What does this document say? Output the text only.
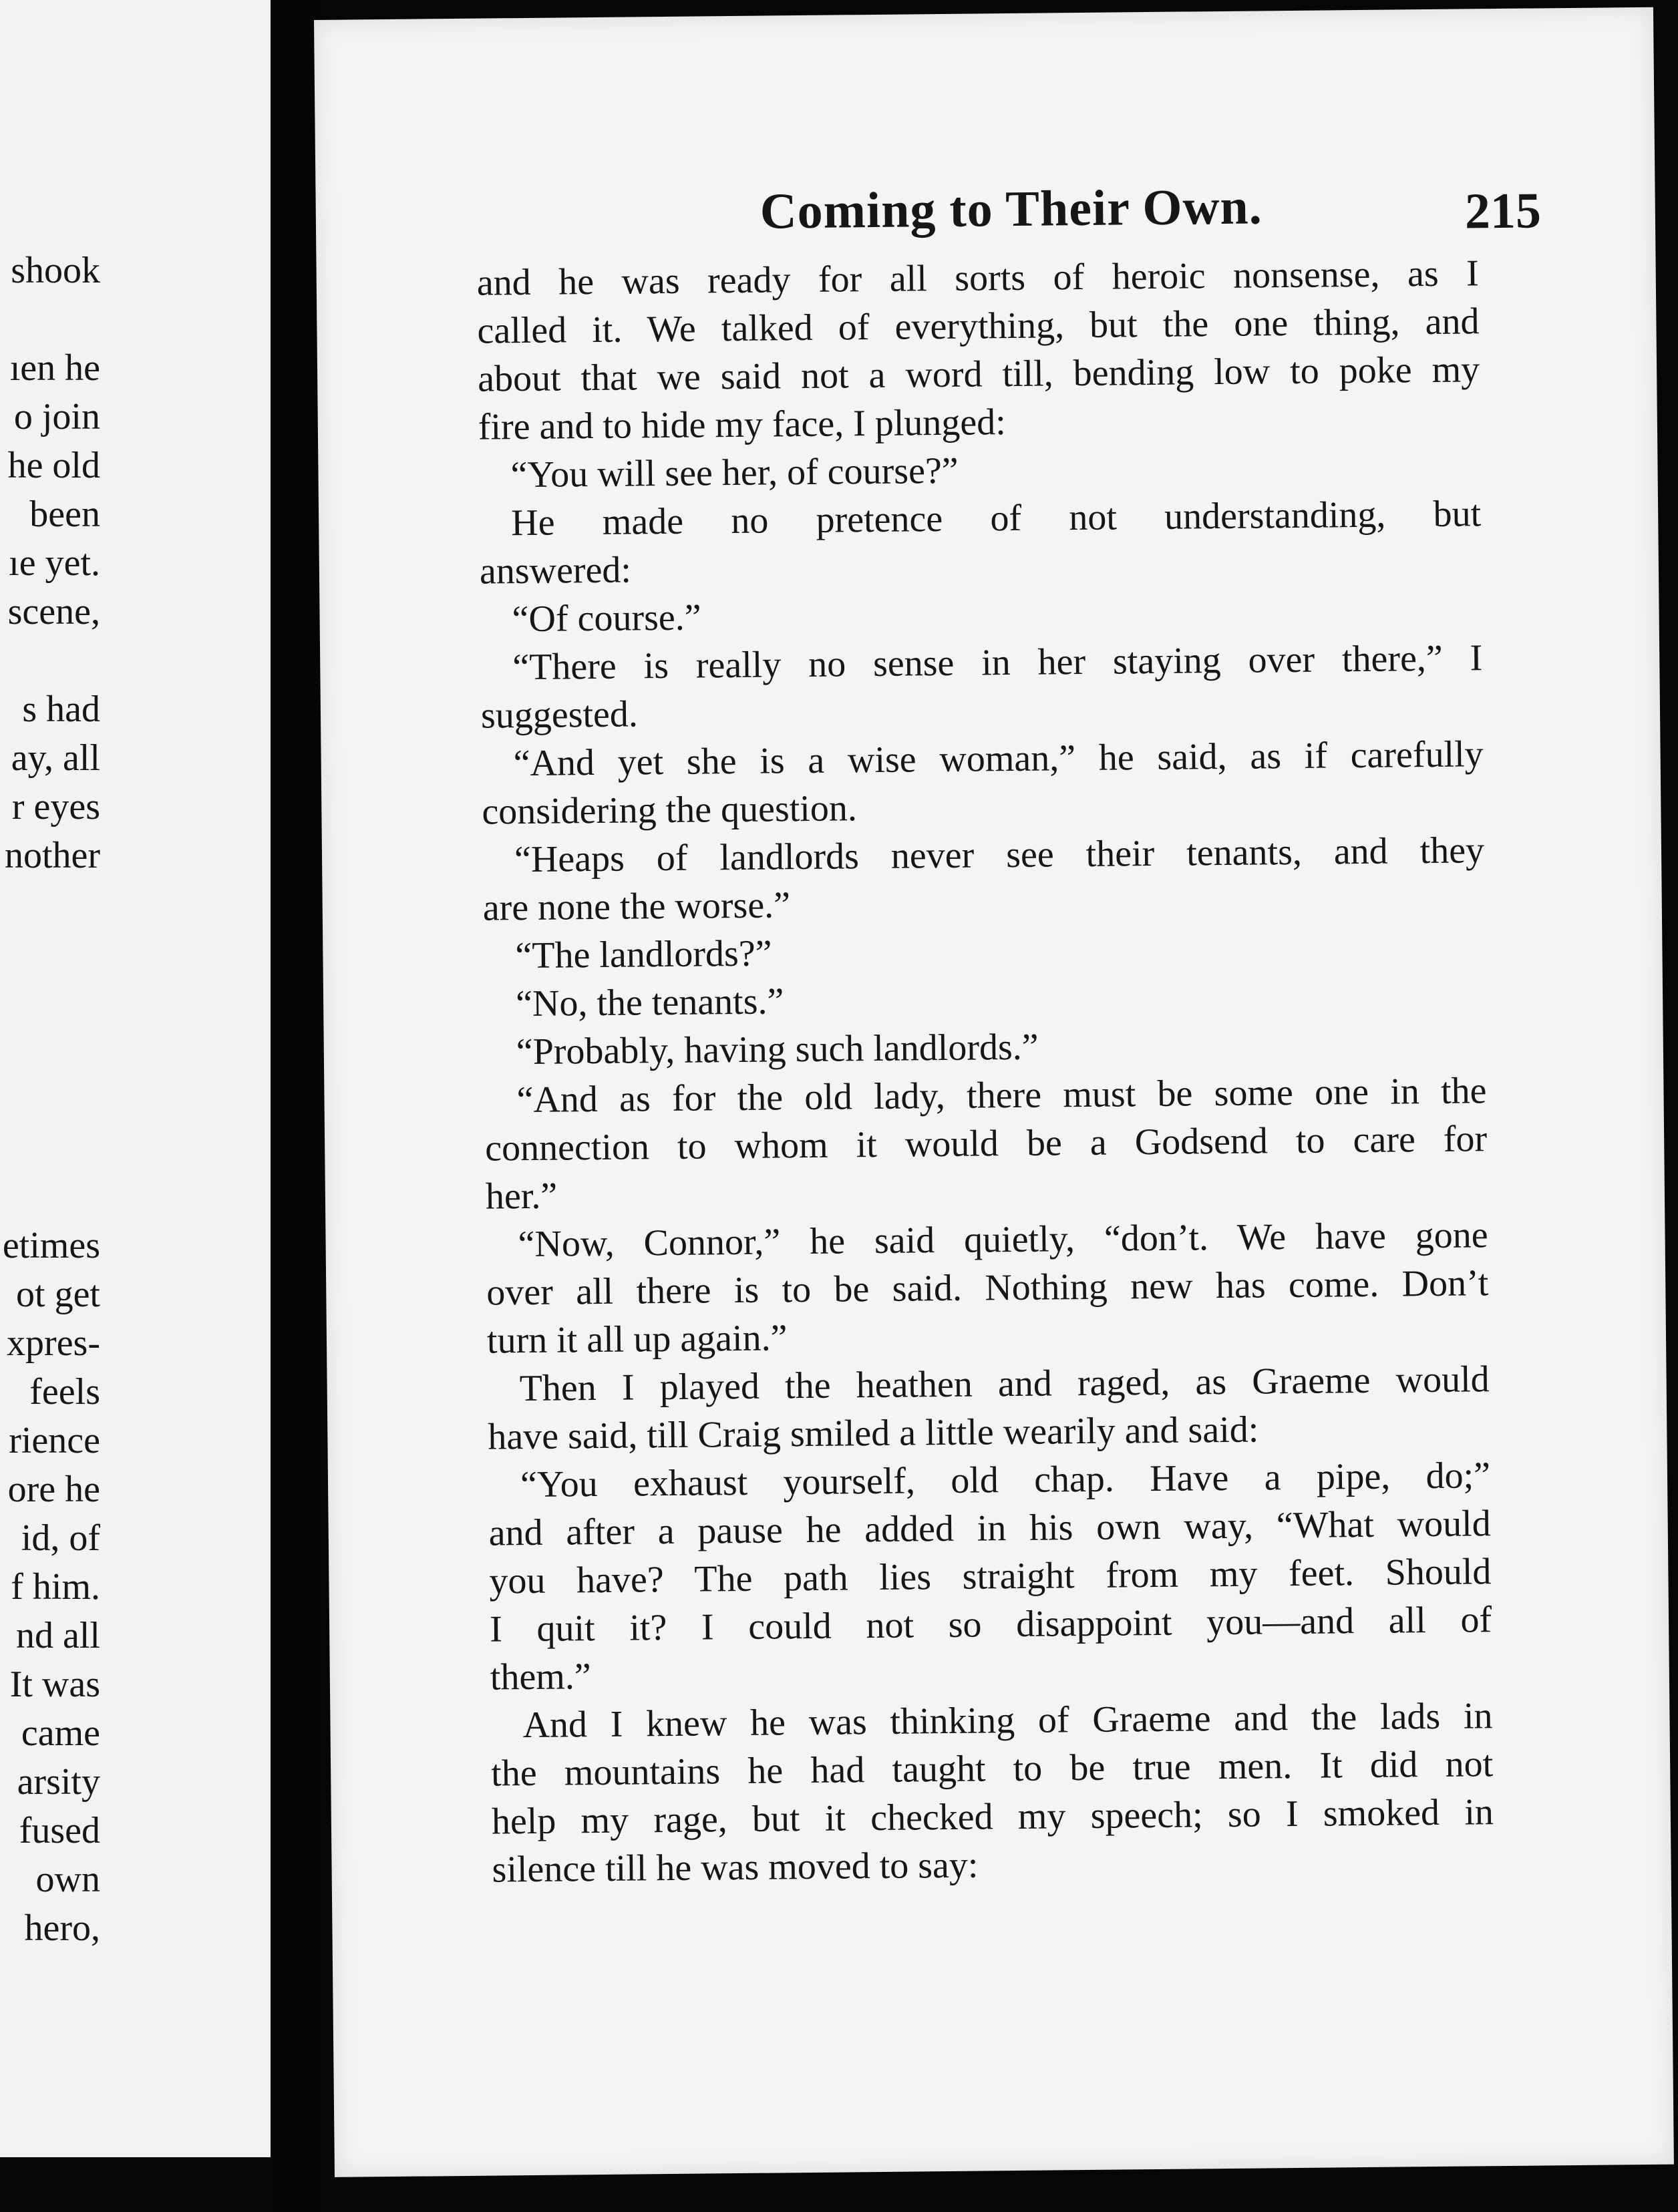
shook
ıen he
o join
he old
been
ıe yet.
scene,
s had
ay, all
r eyes
nother
etimes
ot get
xpres-
feels
rience
ore he
id, of
f him.
nd all
It was
came
arsity
fused
own
hero,
Coming to Their Own.	215
and he was ready for all sorts of heroic nonsense, as I
called it. We talked of everything, but the one thing, and
about that we said not a word till, bending low to poke my
fire and to hide my face, I plunged:
“You will see her, of course?”
He made no pretence of not understanding, but
answered:
“Of course.”
“There is really no sense in her staying over there,” I
suggested.
“And yet she is a wise woman,” he said, as if carefully
considering the question.
“Heaps of landlords never see their tenants, and they
are none the worse.”
“The landlords?”
“No, the tenants.”
“Probably, having such landlords.”
“And as for the old lady, there must be some one in the
connection to whom it would be a Godsend to care for
her.”
“Now, Connor,” he said quietly, “don’t. We have gone
over all there is to be said. Nothing new has come. Don’t
turn it all up again.”
Then I played the heathen and raged, as Graeme would
have said, till Craig smiled a little wearily and said:
“You exhaust yourself, old chap. Have a pipe, do;”
and after a pause he added in his own way, “What would
you have? The path lies straight from my feet. Should
I quit it? I could not so disappoint you—and all of
them.”
And I knew he was thinking of Graeme and the lads in
the mountains he had taught to be true men. It did not
help my rage, but it checked my speech; so I smoked in
silence till he was moved to say:
